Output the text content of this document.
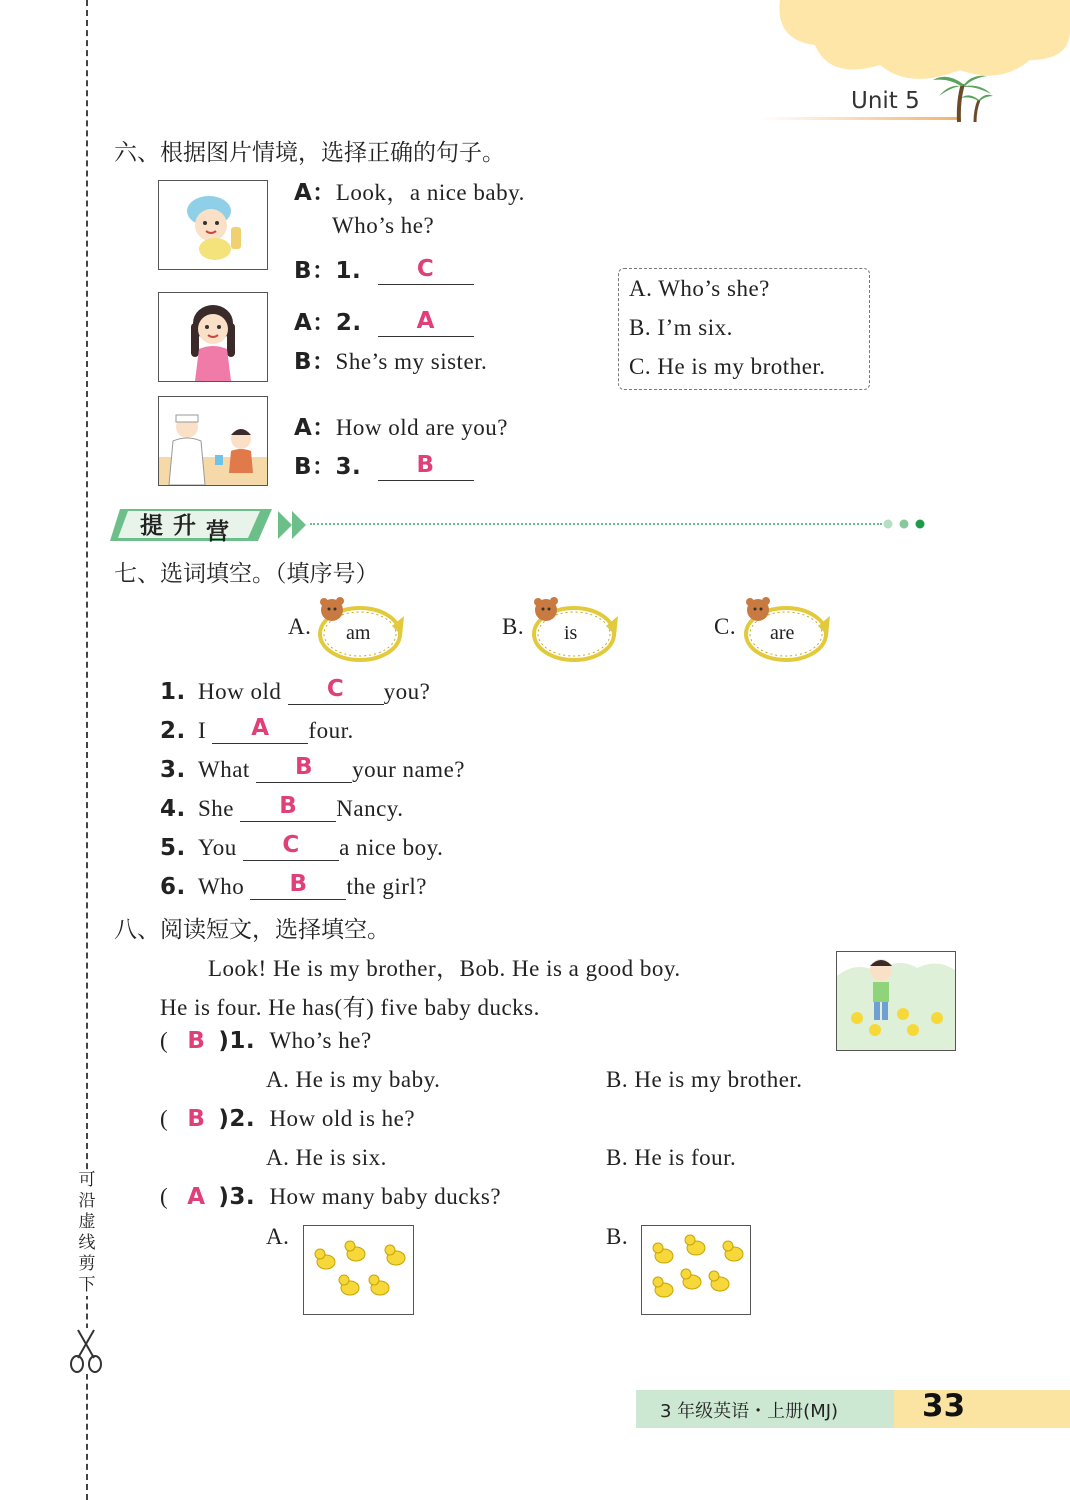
Unit 5
可
沿
虚
线
剪
下
六、根据图片情境，选择正确的句子。
A：Look，a nice baby.
Who’s he?
B：1. C
A：2. A
B：She’s my sister.
A：How old are you?
B：3. B
A. Who’s she?
B. I’m six.
C. He is my brother.
提升营
七、选词填空。（填序号）
A. am	B. is	C. are
1. How old C you?
2. I A four.
3. What B your name?
4. She B Nancy.
5. You C a nice boy.
6. Who B the girl?
八、阅读短文，选择填空。
Look! He is my brother，Bob. He is a good boy.
He is four. He has(有) five baby ducks.
( B )1. Who’s he?
A. He is my baby.	B. He is my brother.
( B )2. How old is he?
A. He is six.	B. He is four.
( A )3. How many baby ducks?
A.	B.
3 年级英语・上册(MJ)	33
